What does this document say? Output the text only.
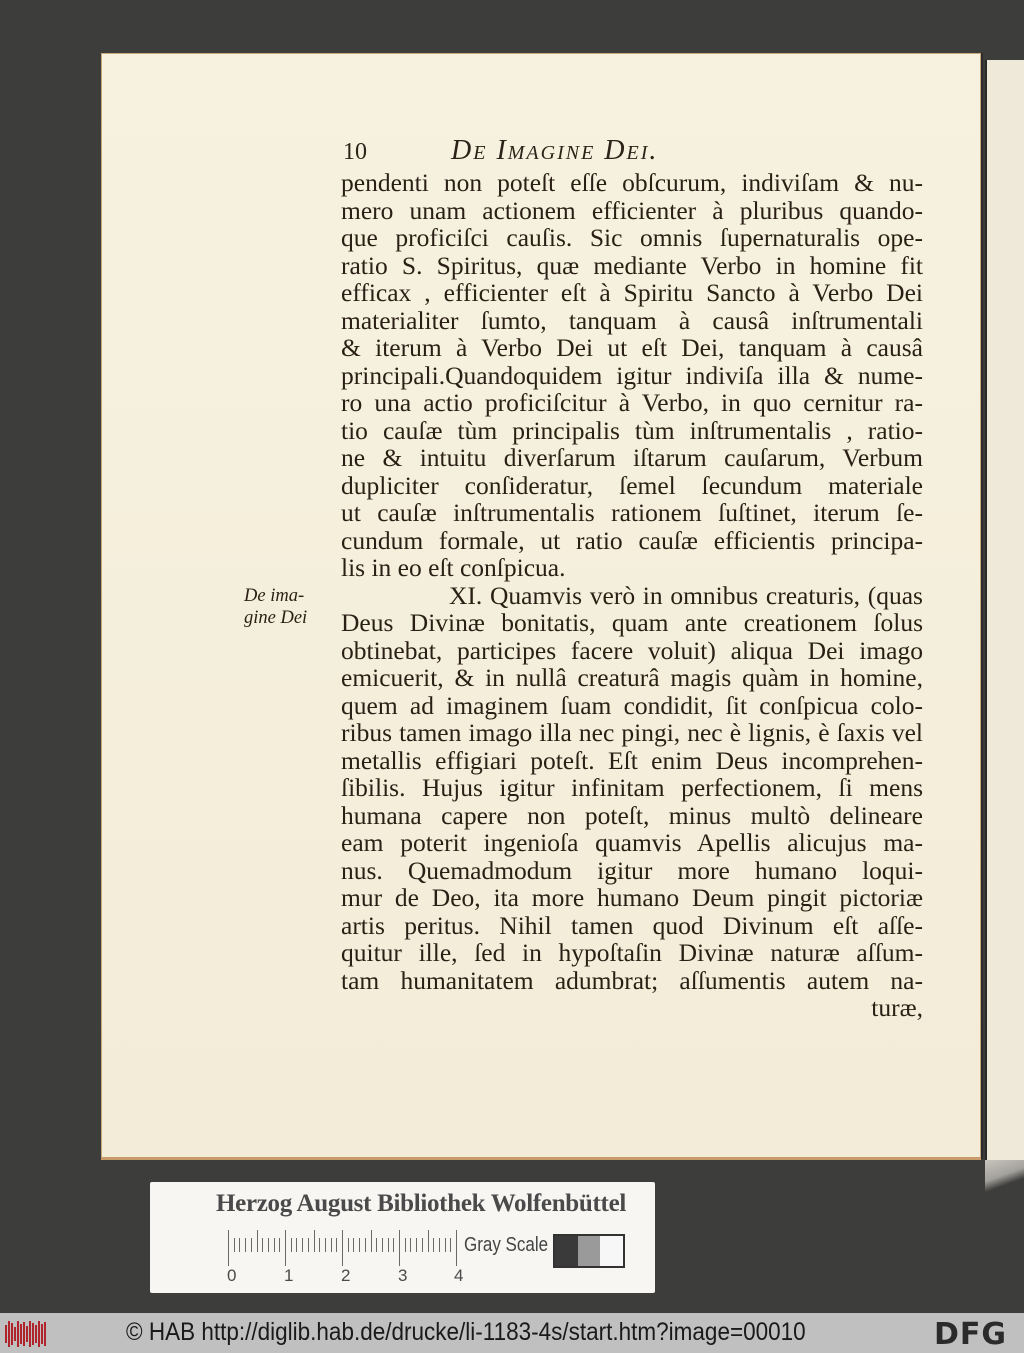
10	De Imagine Dei.
De ima-
gine Dei
pendenti non poteſt eſſe obſcurum, indiviſam & nu-
mero unam actionem efficienter à pluribus quando-
que proficiſci cauſis. Sic omnis ſupernaturalis ope-
ratio S. Spiritus, quæ mediante Verbo in homine fit
efficax , efficienter eſt à Spiritu Sancto à Verbo Dei
materialiter ſumto, tanquam à causâ inſtrumentali
& iterum à Verbo Dei ut eſt Dei, tanquam à causâ
principali.Quandoquidem igitur indiviſa illa & nume-
ro una actio proficiſcitur à Verbo, in quo cernitur ra-
tio cauſæ tùm principalis tùm inſtrumentalis , ratio-
ne & intuitu diverſarum iſtarum cauſarum, Verbum
dupliciter conſideratur, ſemel ſecundum materiale
ut cauſæ inſtrumentalis rationem ſuſtinet, iterum ſe-
cundum formale, ut ratio cauſæ efficientis principa-
lis in eo eſt conſpicua.
XI. Quamvis verò in omnibus creaturis, (quas
Deus Divinæ bonitatis, quam ante creationem ſolus
obtinebat, participes facere voluit) aliqua Dei imago
emicuerit, & in nullâ creaturâ magis quàm in homine,
quem ad imaginem ſuam condidit, ſit conſpicua colo-
ribus tamen imago illa nec pingi, nec è lignis, è ſaxis vel
metallis effigiari poteſt. Eſt enim Deus incomprehen-
ſibilis. Hujus igitur infinitam perfectionem, ſi mens
humana capere non poteſt, minus multò delineare
eam poterit ingenioſa quamvis Apellis alicujus ma-
nus. Quemadmodum igitur more humano loqui-
mur de Deo, ita more humano Deum pingit pictoriæ
artis peritus. Nihil tamen quod Divinum eſt aſſe-
quitur ille, ſed in hypoſtaſin Divinæ naturæ aſſum-
tam humanitatem adumbrat; aſſumentis autem na-
turæ,
Herzog August Bibliothek Wolfenbüttel
0	1	2	3	4
Gray Scale
© HAB http://diglib.hab.de/drucke/li-1183-4s/start.htm?image=00010	DFG
